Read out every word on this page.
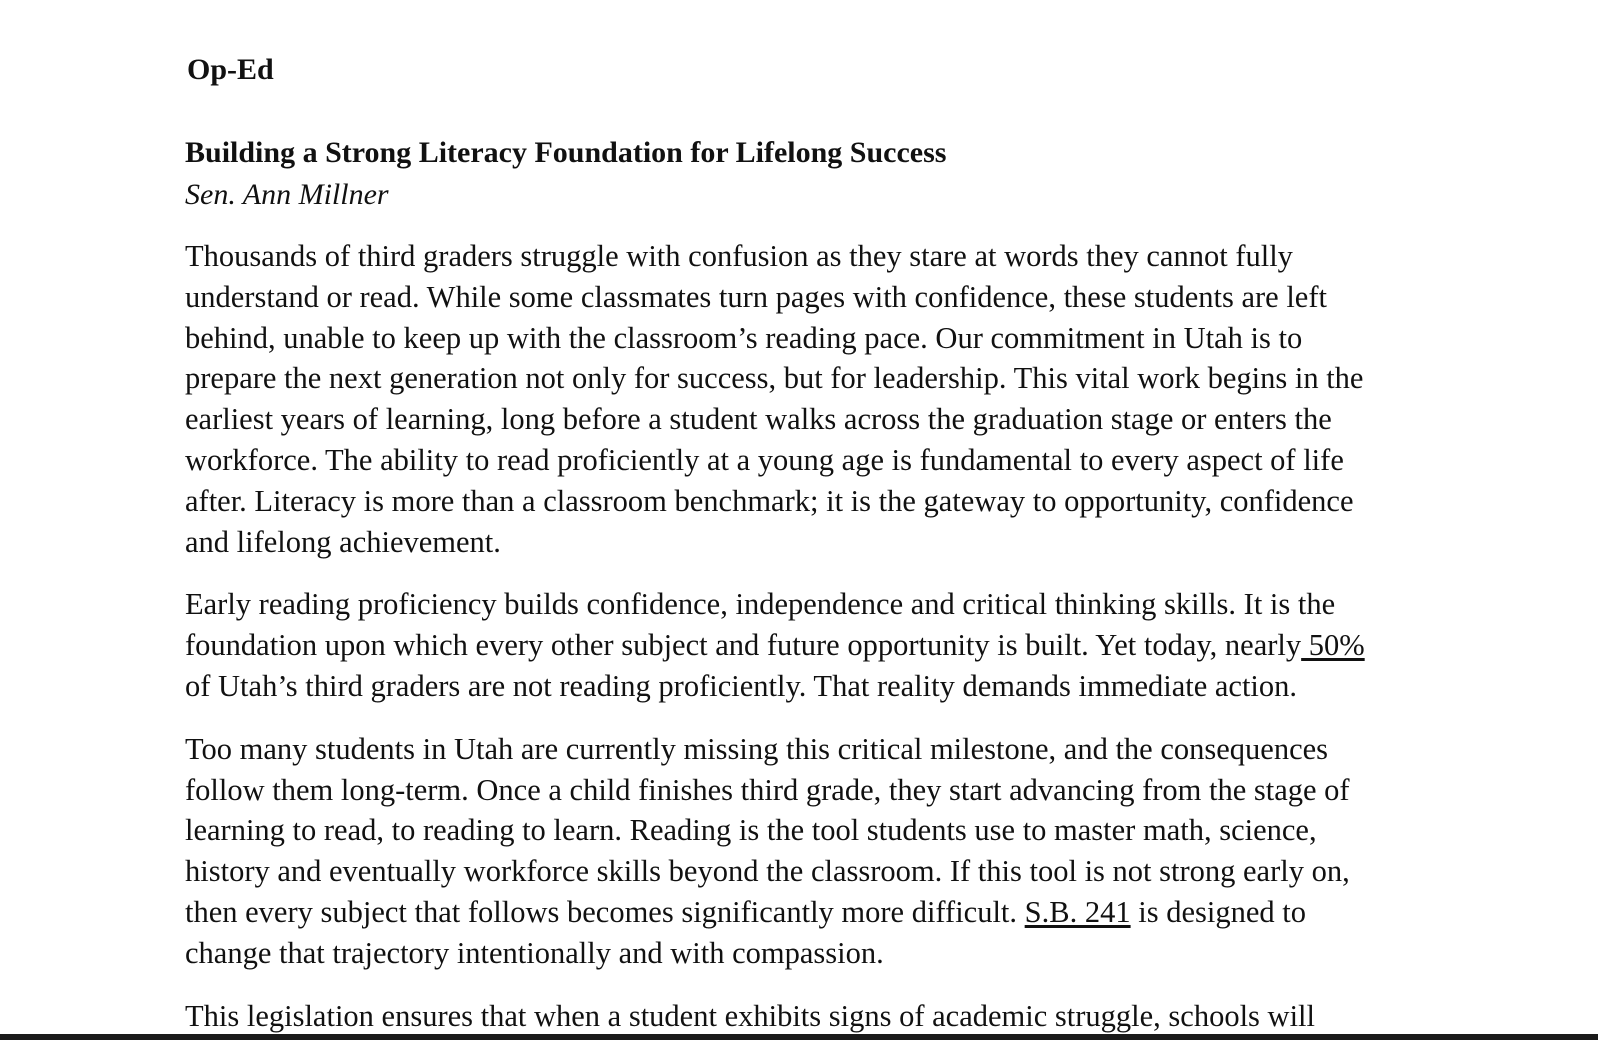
Op-Ed
Building a Strong Literacy Foundation for Lifelong Success
Sen. Ann Millner
Thousands of third graders struggle with confusion as they stare at words they cannot fully
understand or read. While some classmates turn pages with confidence, these students are left
behind, unable to keep up with the classroom’s reading pace. Our commitment in Utah is to
prepare the next generation not only for success, but for leadership. This vital work begins in the
earliest years of learning, long before a student walks across the graduation stage or enters the
workforce. The ability to read proficiently at a young age is fundamental to every aspect of life
after. Literacy is more than a classroom benchmark; it is the gateway to opportunity, confidence
and lifelong achievement.
Early reading proficiency builds confidence, independence and critical thinking skills. It is the
foundation upon which every other subject and future opportunity is built. Yet today, nearly 50%
of Utah’s third graders are not reading proficiently. That reality demands immediate action.
Too many students in Utah are currently missing this critical milestone, and the consequences
follow them long-term. Once a child finishes third grade, they start advancing from the stage of
learning to read, to reading to learn. Reading is the tool students use to master math, science,
history and eventually workforce skills beyond the classroom. If this tool is not strong early on,
then every subject that follows becomes significantly more difficult. S.B. 241 is designed to
change that trajectory intentionally and with compassion.
This legislation ensures that when a student exhibits signs of academic struggle, schools will
